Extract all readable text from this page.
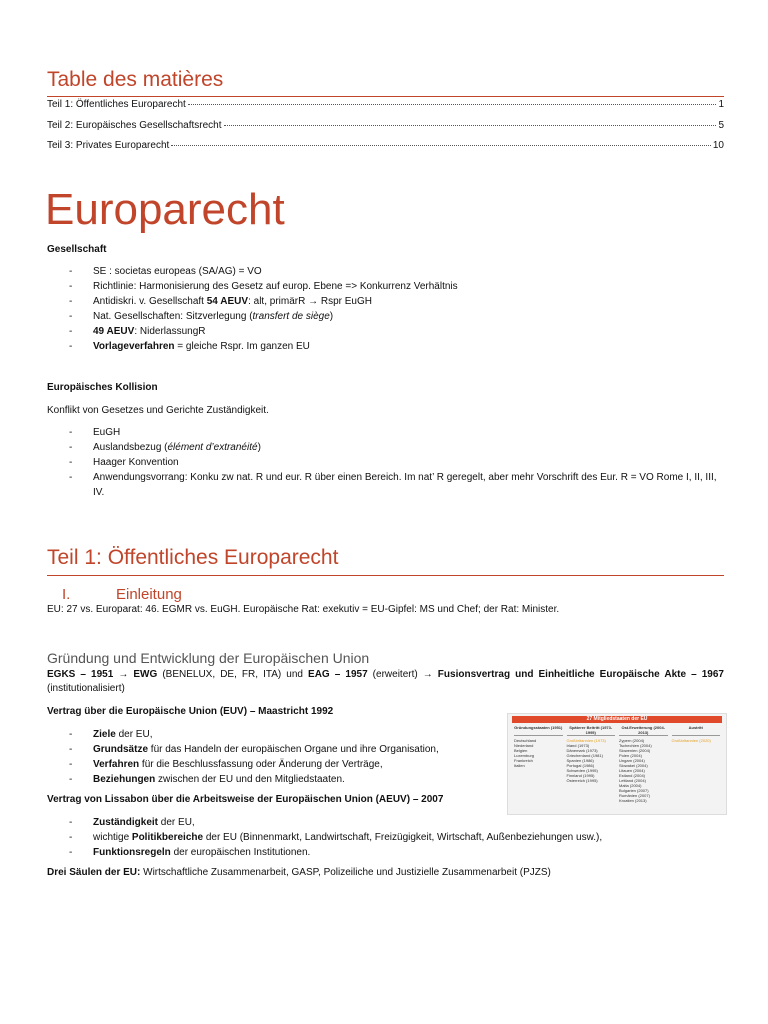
Table des matières
Teil 1: Öffentliches Europarecht	1
Teil 2: Europäisches Gesellschaftsrecht	5
Teil 3: Privates Europarecht	10
Europarecht
Gesellschaft
- SE : societas europeas (SA/AG) = VO
- Richtlinie: Harmonisierung des Gesetz auf europ. Ebene => Konkurrenz Verhältnis
- Antidiskri. v. Gesellschaft 54 AEUV: alt, primärR → Rspr EuGH
- Nat. Gesellschaften: Sitzverlegung (transfert de siège)
- 49 AEUV: NiderlassungR
- Vorlageverfahren = gleiche Rspr. Im ganzen EU
Europäisches Kollision
Konflikt von Gesetzes und Gerichte Zuständigkeit.
- EuGH
- Auslandsbezug (élément d’extranéité)
- Haager Konvention
- Anwendungsvorrang: Konku zw nat. R und eur. R über einen Bereich. Im nat’ R geregelt, aber mehr Vorschrift des Eur. R = VO Rome I, II, III, IV.
Teil 1: Öffentliches Europarecht
I.	Einleitung
EU: 27 vs. Europarat: 46. EGMR vs. EuGH. Europäische Rat: exekutiv = EU-Gipfel: MS und Chef; der Rat: Minister.
Gründung und Entwicklung der Europäischen Union
EGKS – 1951 → EWG (BENELUX, DE, FR, ITA) und EAG – 1957 (erweitert) → Fusionsvertrag und Einheitliche Europäische Akte – 1967 (institutionalisiert)
Vertrag über die Europäische Union (EUV) – Maastricht 1992
- Ziele der EU,
- Grundsätze für das Handeln der europäischen Organe und ihre Organisation,
- Verfahren für die Beschlussfassung oder Änderung der Verträge,
- Beziehungen zwischen der EU und den Mitgliedstaaten.
Vertrag von Lissabon über die Arbeitsweise der Europäischen Union (AEUV) – 2007
- Zuständigkeit der EU,
- wichtige Politikbereiche der EU (Binnenmarkt, Landwirtschaft, Freizügigkeit, Wirtschaft, Außenbeziehungen usw.),
- Funktionsregeln der europäischen Institutionen.
Drei Säulen der EU: Wirtschaftliche Zusammenarbeit, GASP, Polizeiliche und Justizielle Zusammenarbeit (PJZS)
27 Mitgliedstaaten der EU
Gründungsstaaten (1951)
Deutschland
Niederland
Belgien
Luxemburg
Frankreich
Italien
Späterer Beitritt (1973-1995)
Großbritannien (1973)
Irland (1973)
Dänemark (1973)
Griechenland (1981)
Spanien (1986)
Portugal (1986)
Schweden (1995)
Finnland (1995)
Österreich (1995)
Ost.Erweiterung (2004-2013)
Zypern (2004)
Tschechien (2004)
Slowenien (2004)
Polen (2004)
Ungarn (2004)
Slowakei (2004)
Litauen (2004)
Estland (2004)
Lettland (2004)
Malta (2004)
Bulgarien (2007)
Rumänien (2007)
Kroatien (2013)
Austritt
Großbritannien (2020)
